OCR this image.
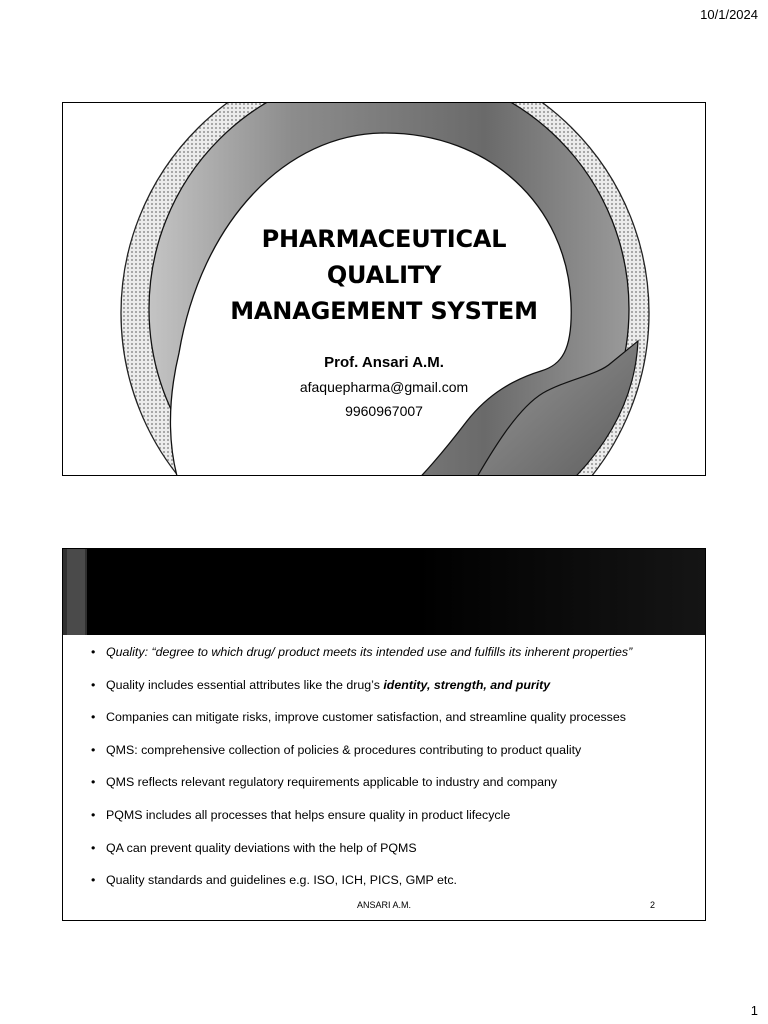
10/1/2024
PHARMACEUTICAL
QUALITY
MANAGEMENT SYSTEM
Prof. Ansari A.M.
afaquepharma@gmail.com
9960967007
• Quality: “degree to which drug/ product meets its intended use and fulfills its inherent properties”
• Quality includes essential attributes like the drug’s identity, strength, and purity
• Companies can mitigate risks, improve customer satisfaction, and streamline quality processes
• QMS: comprehensive collection of policies & procedures contributing to product quality
• QMS reflects relevant regulatory requirements applicable to industry and company
• PQMS includes all processes that helps ensure quality in product lifecycle
• QA can prevent quality deviations with the help of PQMS
• Quality standards and guidelines e.g. ISO, ICH, PICS, GMP etc.
ANSARI A.M.	2
1
